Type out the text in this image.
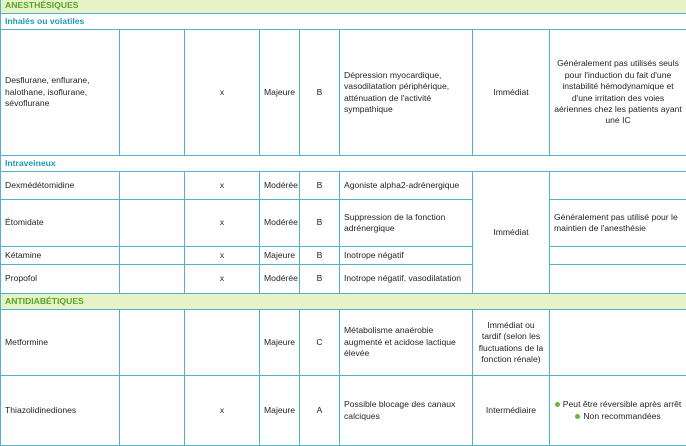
ANESTHÉSIQUES							
Inhalés ou volatiles							
Desflurane, enflurane, halothane, isoflurane, sévoflurane		x	Majeure	B	Dépression myocardique, vasodilatation périphérique, atténuation de l'activité sympathique	Immédiat	Généralement pas utilisés seuls pour l'induction du fait d'une instabilité hémodynamique et d'une irritation des voies aériennes chez les patients ayant une IC
Intraveineux							
Dexmédétomidine		x	Modérée	B	Agoniste alpha2-adrénergique	Immédiat	
Étomidate		x	Modérée	B	Suppression de la fonction adrénergique		Généralement pas utilisé pour le maintien de l'anesthésie
Kétamine		x	Majeure	B	Inotrope négatif		
Propofol		x	Modérée	B	Inotrope négatif, vasodilatation		
ANTIDIABÉTIQUES							
Metformine			Majeure	C	Métabolisme anaérobie augmenté et acidose lactique élevée	Immédiat ou tardif (selon les fluctuations de la fonction rénale)	
Thiazolidinediones		x	Majeure	A	Possible blocage des canaux calciques	Intermédiaire	Peut être réversible après arrêt
Non recommandées
